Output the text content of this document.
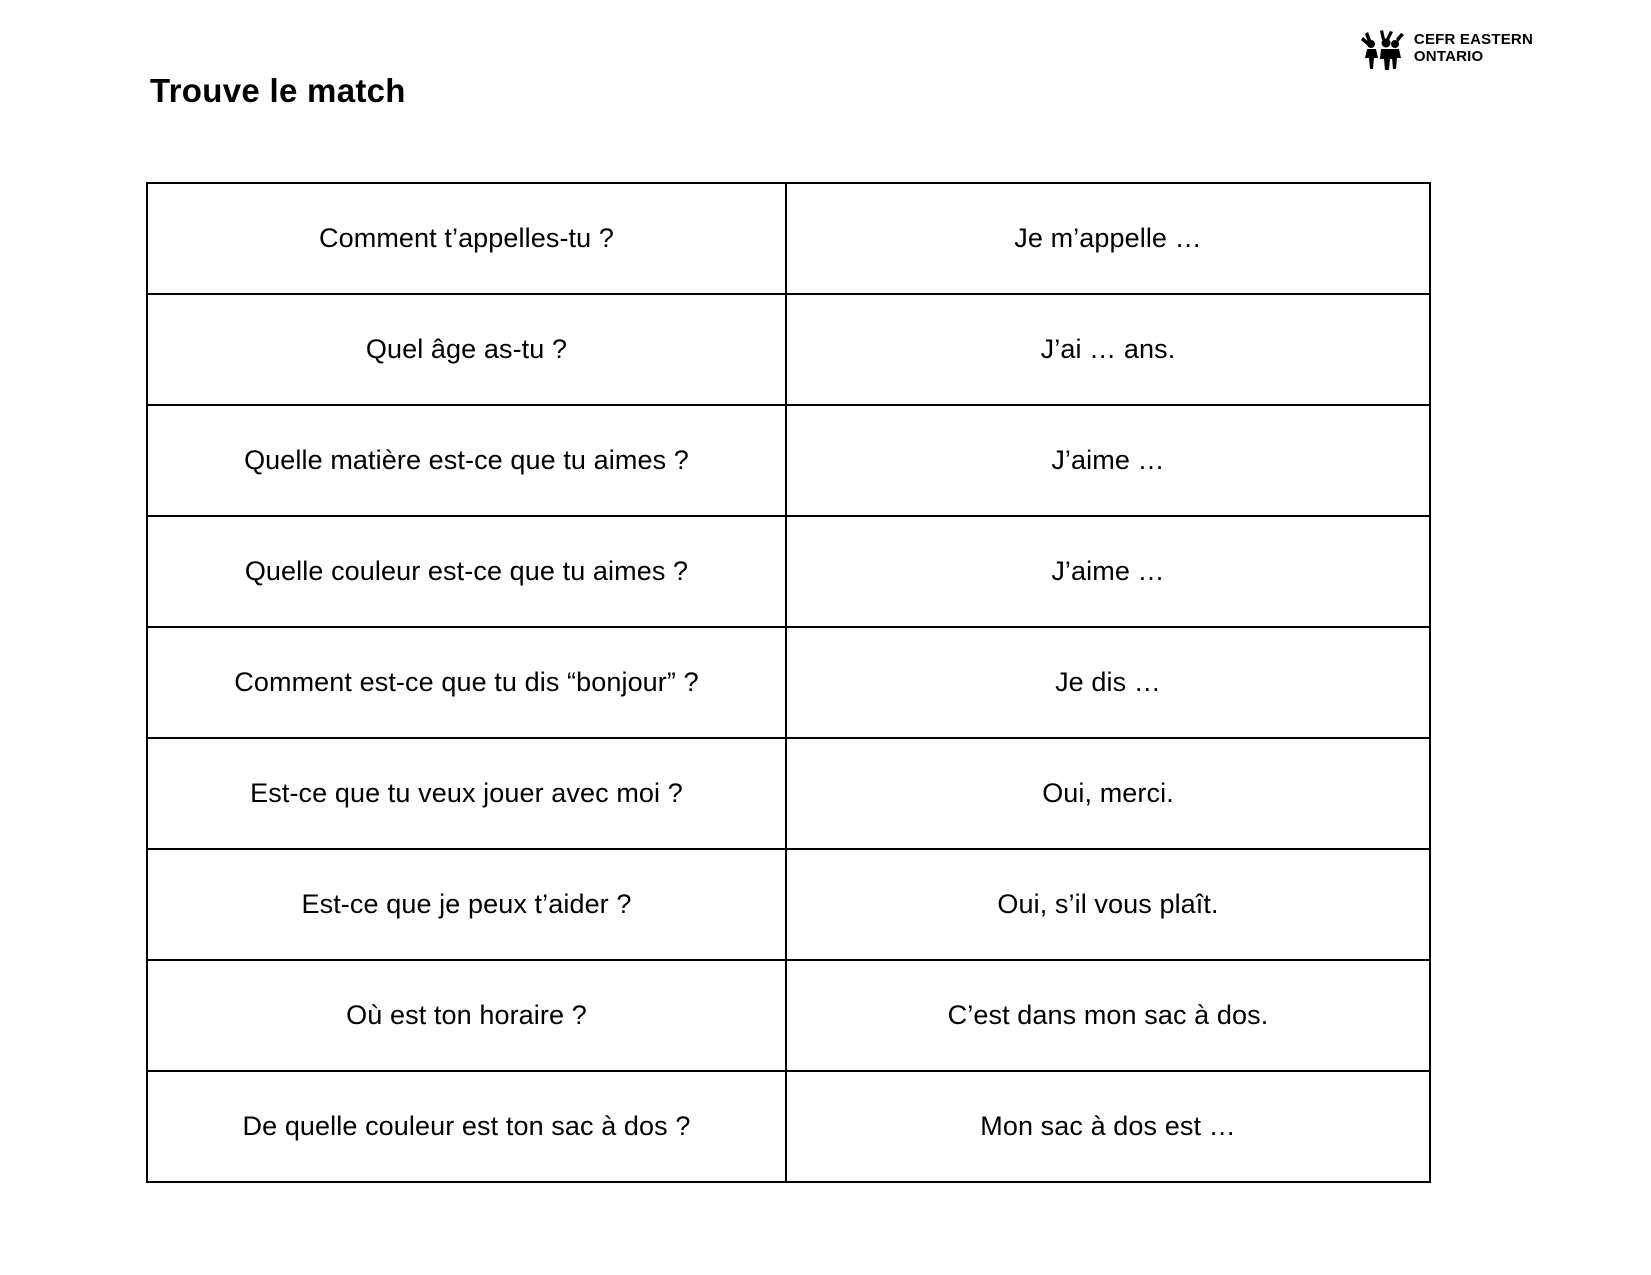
CEFR EASTERN
ONTARIO
Trouve le match
Comment t’appelles-tu ?	Je m’appelle …
Quel âge as-tu ?	J’ai … ans.
Quelle matière est-ce que tu aimes ?	J’aime …
Quelle couleur est-ce que tu aimes ?	J’aime …
Comment est-ce que tu dis “bonjour” ?	Je dis …
Est-ce que tu veux jouer avec moi ?	Oui, merci.
Est-ce que je peux t’aider ?	Oui, s’il vous plaît.
Où est ton horaire ?	C’est dans mon sac à dos.
De quelle couleur est ton sac à dos ?	Mon sac à dos est …
